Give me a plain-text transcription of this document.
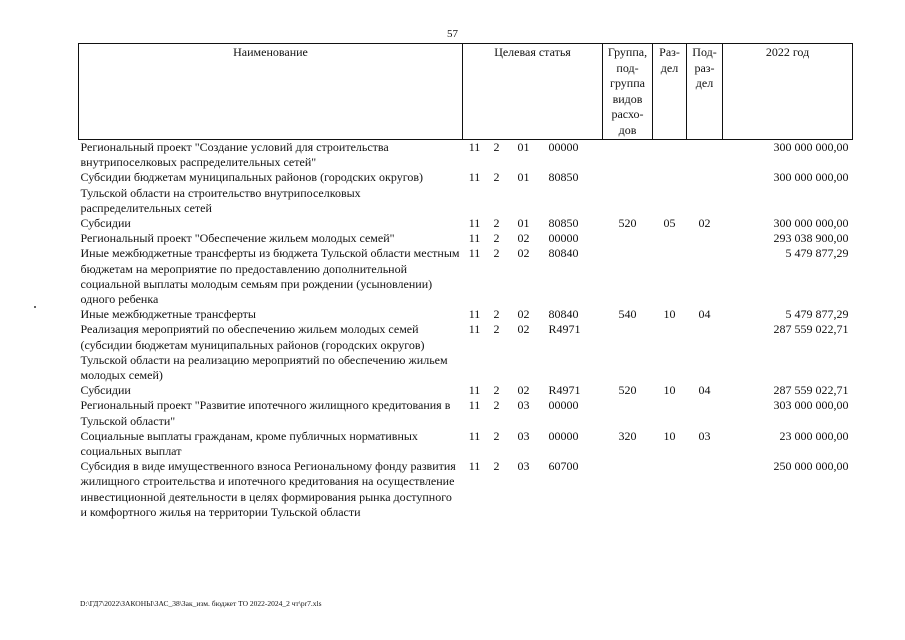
57
Наименование	Целевая статья				Группа, под- группа видов расхо- дов	Раз- дел	Под- раз- дел	2022 год
Региональный проект "Создание условий для строительства внутрипоселковых распределительных сетей"	11	2	01	00000				300 000 000,00
Субсидии бюджетам муниципальных районов (городских округов) Тульской области на строительство внутрипоселковых распределительных сетей	11	2	01	80850				300 000 000,00
Субсидии	11	2	01	80850	520	05	02	300 000 000,00
Региональный проект "Обеспечение жильем молодых семей"	11	2	02	00000				293 038 900,00
Иные межбюджетные трансферты из бюджета Тульской области местным бюджетам на мероприятие по предоставлению дополнительной социальной выплаты молодым семьям при рождении (усыновлении) одного ребенка	11	2	02	80840				5 479 877,29
Иные межбюджетные трансферты	11	2	02	80840	540	10	04	5 479 877,29
Реализация мероприятий по обеспечению жильем молодых семей (субсидии бюджетам муниципальных районов (городских округов) Тульской области на реализацию мероприятий по обеспечению жильем молодых семей)	11	2	02	R4971				287 559 022,71
Субсидии	11	2	02	R4971	520	10	04	287 559 022,71
Региональный проект "Развитие ипотечного жилищного кредитования в Тульской области"	11	2	03	00000				303 000 000,00
Социальные выплаты гражданам, кроме публичных нормативных социальных выплат	11	2	03	00000	320	10	03	23 000 000,00
Субсидия в виде имущественного взноса Региональному фонду развития жилищного строительства и ипотечного кредитования на осуществление инвестиционной деятельности в целях формирования рынка доступного и комфортного жилья на территории Тульской области	11	2	03	60700				250 000 000,00
D:\ГД7\2022\ЗАКОНЫ\ЗАС_38\Зак_изм. бюджет ТО 2022-2024_2 чт\pr7.xls
